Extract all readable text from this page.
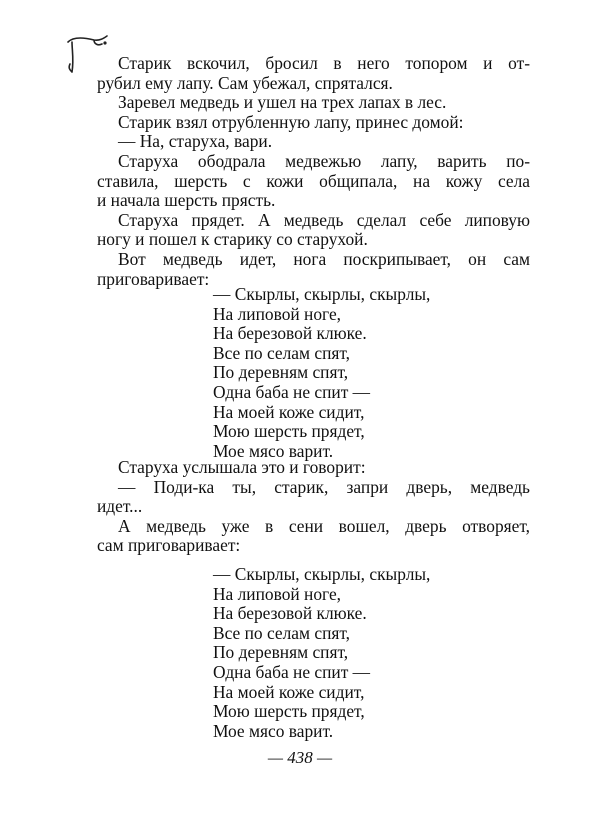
Старик вскочил, бросил в него топором и от-
рубил ему лапу. Сам убежал, спрятался.
Заревел медведь и ушел на трех лапах в лес.
Старик взял отрубленную лапу, принес домой:
— На, старуха, вари.
Старуха ободрала медвежью лапу, варить по-
ставила, шерсть с кожи общипала, на кожу села
и начала шерсть прясть.
Старуха прядет. А медведь сделал себе липовую
ногу и пошел к старику со старухой.
Вот медведь идет, нога поскрипывает, он сам
приговаривает:
— Скырлы, скырлы, скырлы,
На липовой ноге,
На березовой клюке.
Все по селам спят,
По деревням спят,
Одна баба не спит —
На моей коже сидит,
Мою шерсть прядет,
Мое мясо варит.
Старуха услышала это и говорит:
— Поди-ка ты, старик, запри дверь, медведь
идет...
А медведь уже в сени вошел, дверь отворяет,
сам приговаривает:
— Скырлы, скырлы, скырлы,
На липовой ноге,
На березовой клюке.
Все по селам спят,
По деревням спят,
Одна баба не спит —
На моей коже сидит,
Мою шерсть прядет,
Мое мясо варит.
— 438 —
